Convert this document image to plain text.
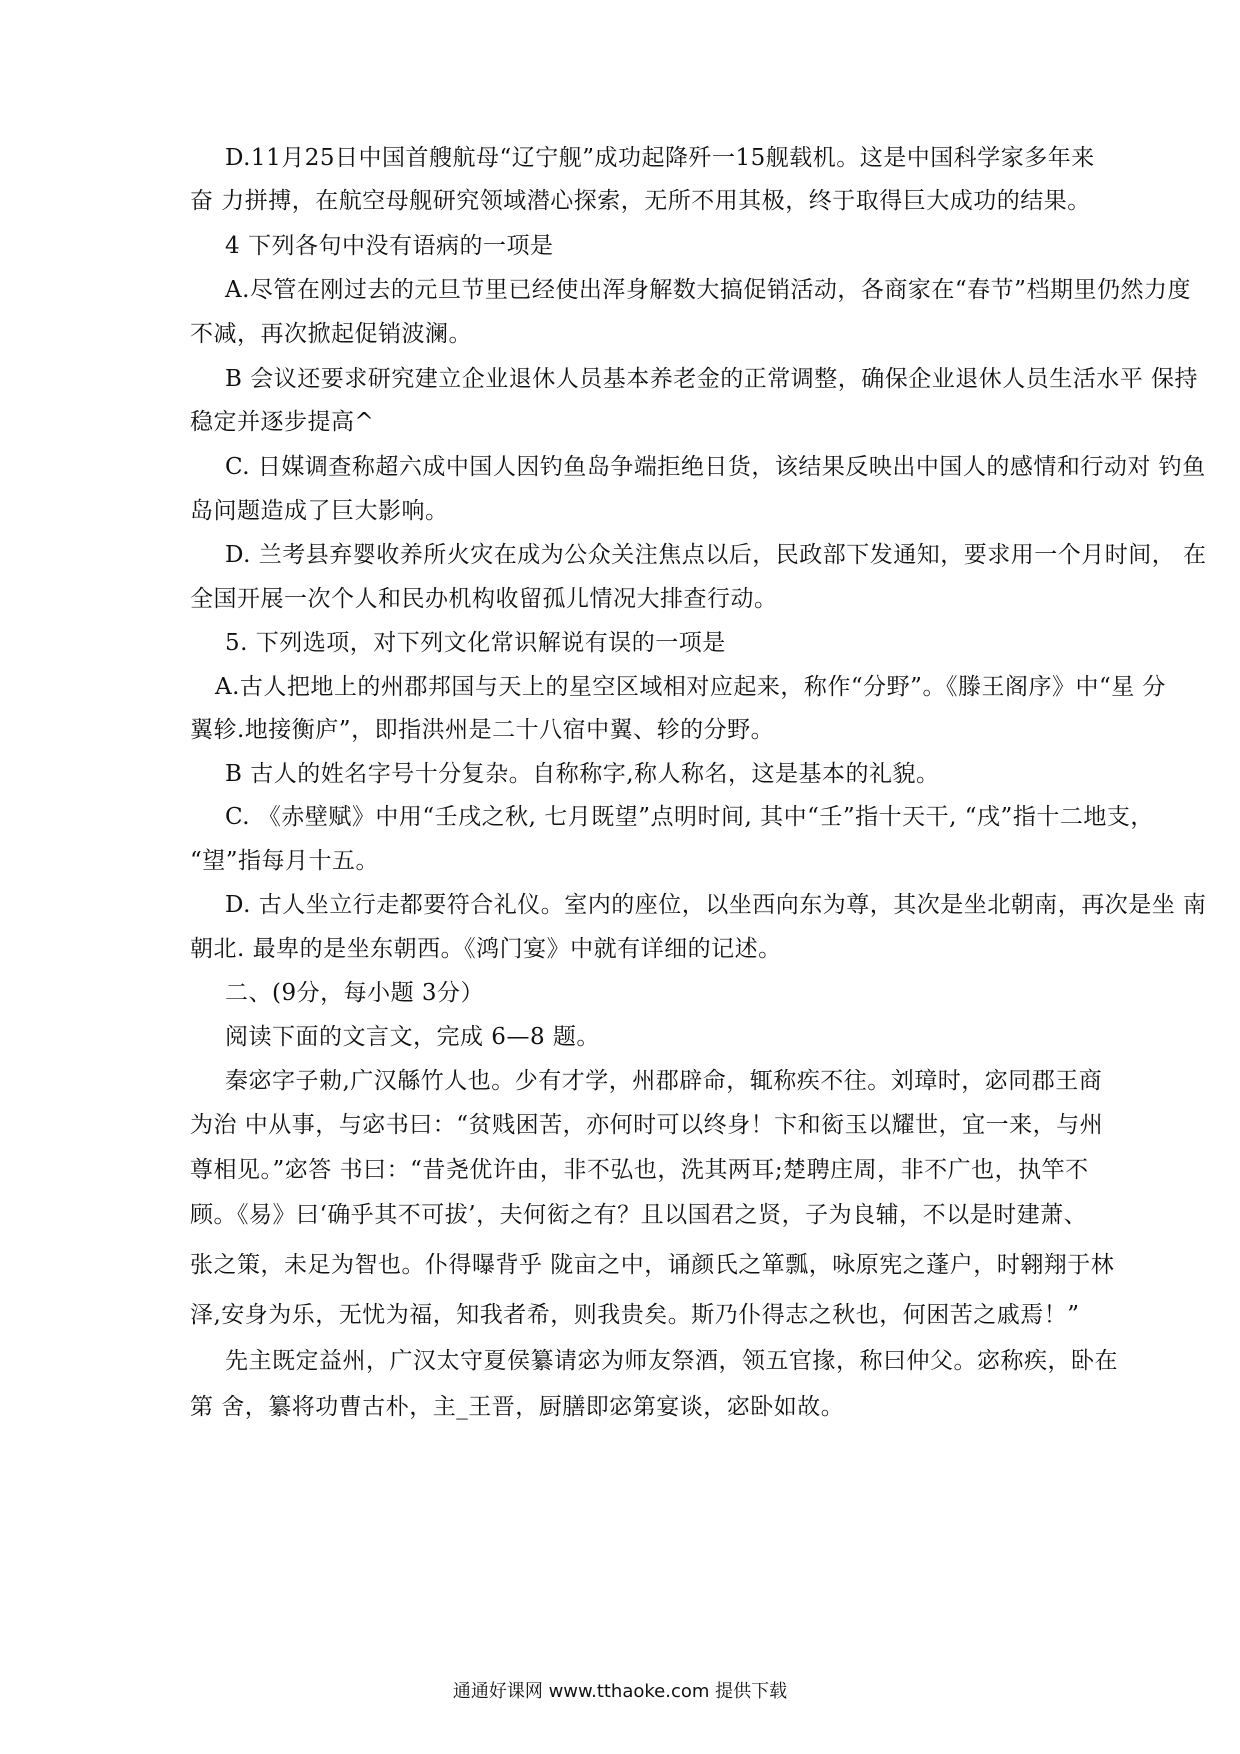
D.11月25日中国首艘航母“辽宁舰”成功起降歼一15舰载机。这是中国科学家多年来
奋 力拼搏，在航空母舰研究领域潜心探索，无所不用其极，终于取得巨大成功的结果。
4 下列各句中没有语病的一项是
A.尽管在刚过去的元旦节里已经使出浑身解数大搞促销活动，各商家在“春节”档期里仍然力度
不减，再次掀起促销波澜。
B 会议还要求研究建立企业退休人员基本养老金的正常调整，确保企业退休人员生活水平 保持
稳定并逐步提高^
C. 日媒调查称超六成中国人因钓鱼岛争端拒绝日货，该结果反映出中国人的感情和行动对 钓鱼
岛问题造成了巨大影响。
D. 兰考县弃婴收养所火灾在成为公众关注焦点以后，民政部下发通知，要求用一个月时间， 在
全国开展一次个人和民办机构收留孤儿情况大排查行动。
5. 下列选项，对下列文化常识解说有误的一项是
A.古人把地上的州郡邦国与天上的星空区域相对应起来，称作“分野”。《滕王阁序》中“星 分
翼轸.地接衡庐”，即指洪州是二十八宿中翼、轸的分野。
B 古人的姓名字号十分复杂。自称称字,称人称名，这是基本的礼貌。
C. 《赤壁赋》中用“壬戌之秋, 七月既望”点明时间, 其中“壬”指十天干, “戌”指十二地支，
“望”指每月十五。
D. 古人坐立行走都要符合礼仪。室内的座位，以坐西向东为尊，其次是坐北朝南，再次是坐 南
朝北. 最卑的是坐东朝西。《鸿门宴》中就有详细的记述。
二、(9分，每小题 3分）
阅读下面的文言文，完成 6—8 题。
秦宓字子勅,广汉緜竹人也。少有才学，州郡辟命，辄称疾不往。刘璋时，宓同郡王商
为治 中从事，与宓书曰：“贫贱困苦，亦何时可以终身！卞和衒玉以耀世，宜一来，与州
尊相见。”宓答 书曰：“昔尧优许由，非不弘也，洗其两耳;楚聘庄周，非不广也，执竿不
顾。《易》曰‘确乎其不可拔’，夫何衒之有？且以国君之贤，子为良辅，不以是时建萧、
张之策，未足为智也。仆得曝背乎 陇亩之中，诵颜氏之箪瓢，咏原宪之蓬户，时翱翔于林
泽,安身为乐，无忧为福，知我者希，则我贵矣。斯乃仆得志之秋也，何困苦之戚焉！”
先主既定益州，广汉太守夏侯纂请宓为师友祭酒，领五官掾，称曰仲父。宓称疾，卧在
第 舍，纂将功曹古朴，主_王晋，厨膳即宓第宴谈，宓卧如故。
通通好课网 www.tthaoke.com 提供下载
